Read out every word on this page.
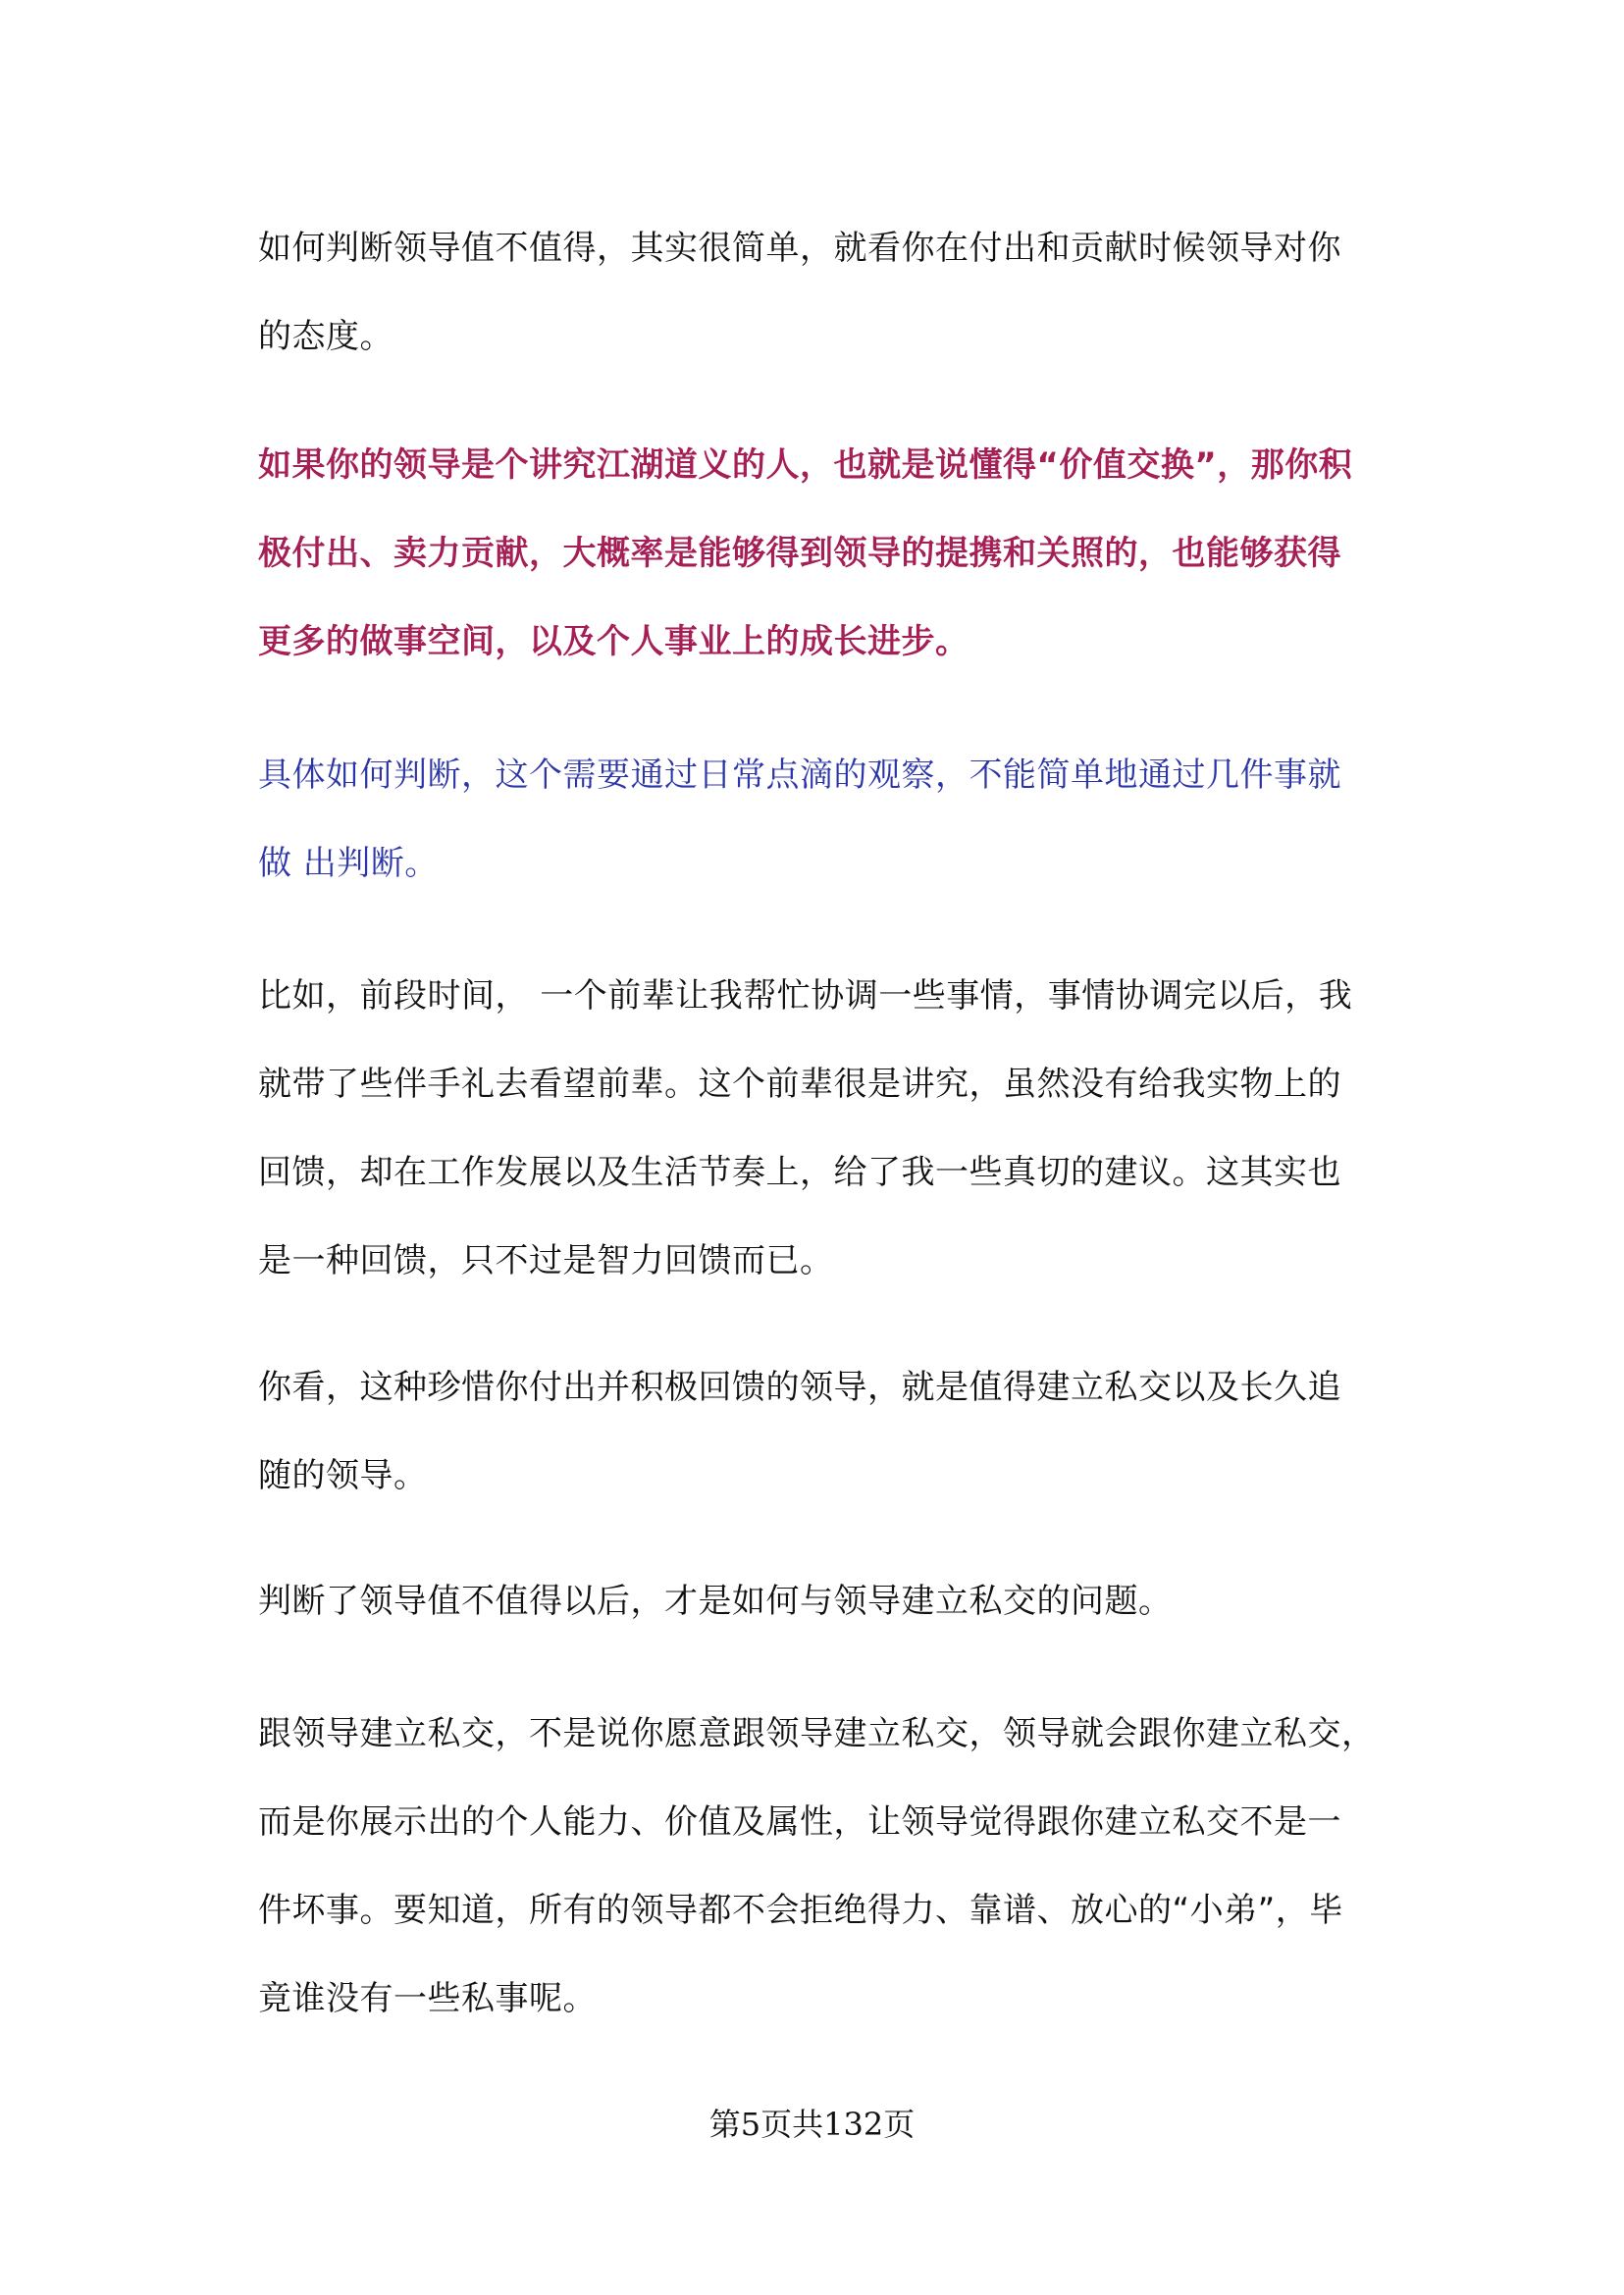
如何判断领导值不值得，其实很简单，就看你在付出和贡献时候领导对你
的态度。
如果你的领导是个讲究江湖道义的人，也就是说懂得“价值交换”，那你积
极付出、卖力贡献，大概率是能够得到领导的提携和关照的，也能够获得
更多的做事空间，以及个人事业上的成长进步。
具体如何判断，这个需要通过日常点滴的观察，不能简单地通过几件事就
做 出判断。
比如，前段时间， 一个前辈让我帮忙协调一些事情，事情协调完以后，我
就带了些伴手礼去看望前辈。这个前辈很是讲究，虽然没有给我实物上的
回馈，却在工作发展以及生活节奏上，给了我一些真切的建议。这其实也
是一种回馈，只不过是智力回馈而已。
你看，这种珍惜你付出并积极回馈的领导，就是值得建立私交以及长久追
随的领导。
判断了领导值不值得以后，才是如何与领导建立私交的问题。
跟领导建立私交，不是说你愿意跟领导建立私交，领导就会跟你建立私交，
而是你展示出的个人能力、价值及属性，让领导觉得跟你建立私交不是一
件坏事。要知道，所有的领导都不会拒绝得力、靠谱、放心的“小弟”，毕
竟谁没有一些私事呢。
第5页共132页
